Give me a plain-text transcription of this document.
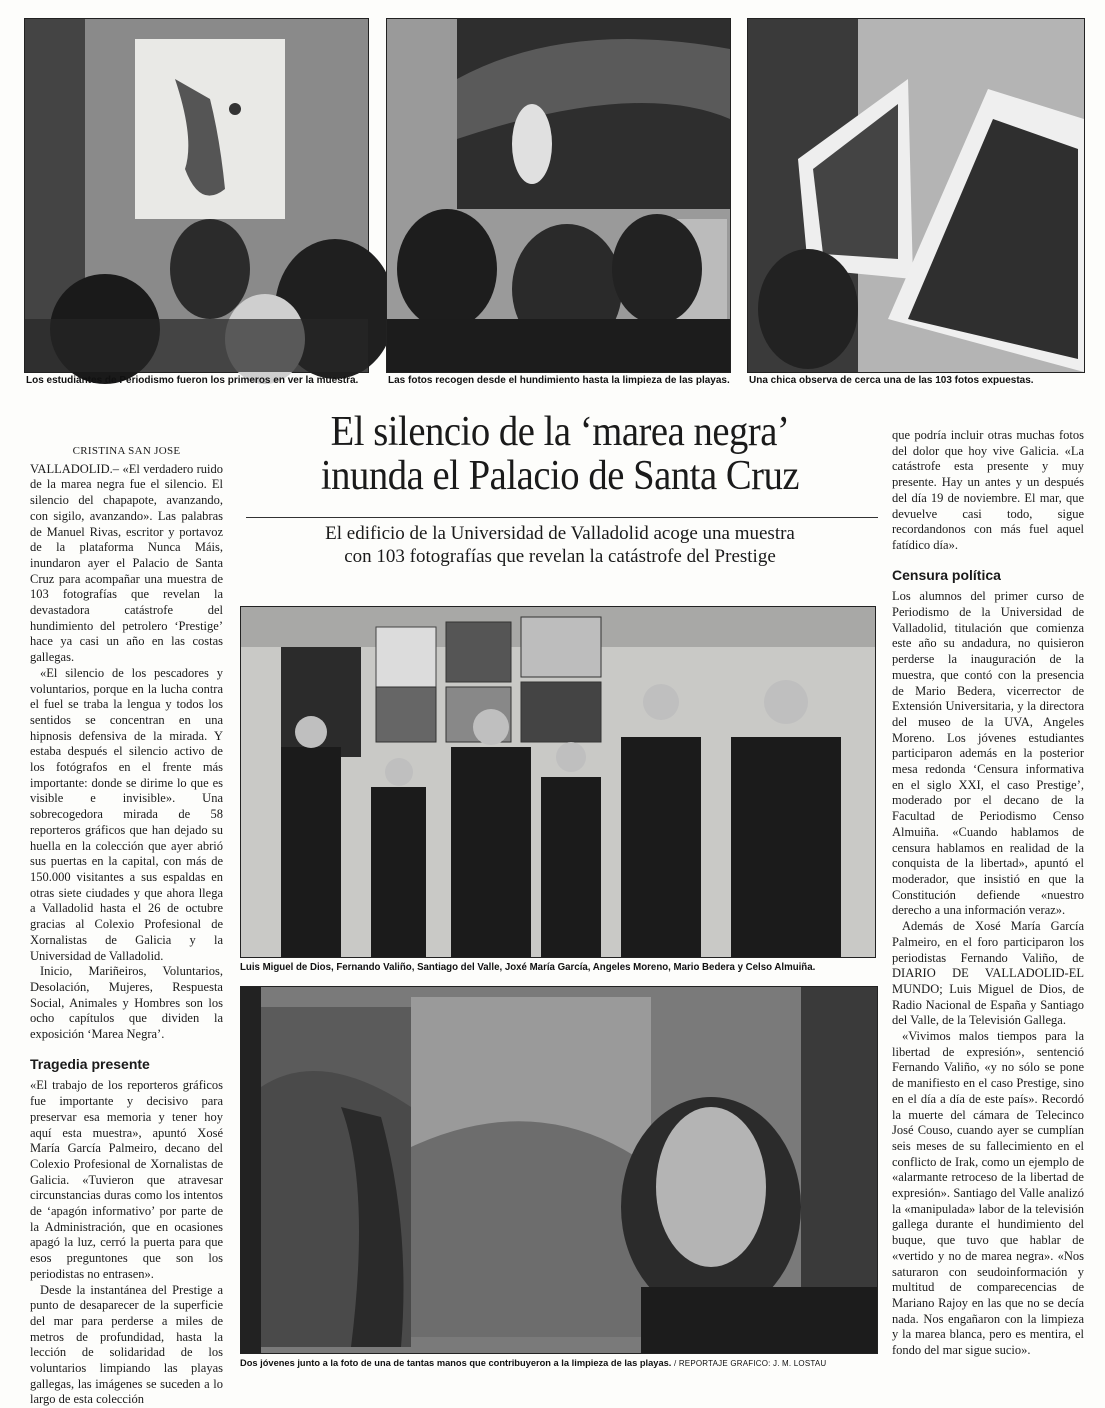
Los estudiantes de Periodismo fueron los primeros en ver la muestra.	Las fotos recogen desde el hundimiento hasta la limpieza de las playas.	Una chica observa de cerca una de las 103 fotos expuestas.
El silencio de la ‘marea negra’
inunda el Palacio de Santa Cruz
El edificio de la Universidad de Valladolid acoge una muestra
con 103 fotografías que revelan la catástrofe del Prestige
Luis Miguel de Dios, Fernando Valiño, Santiago del Valle, Joxé María García, Angeles Moreno, Mario Bedera y Celso Almuiña.
Dos jóvenes junto a la foto de una de tantas manos que contribuyeron a la limpieza de las playas. / REPORTAJE GRAFICO: J. M. LOSTAU
CRISTINA SAN JOSE

VALLADOLID.– «El verdadero ruido de la marea negra fue el silencio. El silencio del chapapote, avanzando, con sigilo, avanzando». Las palabras de Manuel Rivas, escritor y portavoz de la plataforma Nunca Máis, inundaron ayer el Palacio de Santa Cruz para acompañar una muestra de 103 fotografías que revelan la devastadora catástrofe del hundimiento del petrolero ‘Prestige’ hace ya casi un año en las costas gallegas.

«El silencio de los pescadores y voluntarios, porque en la lucha contra el fuel se traba la lengua y todos los sentidos se concentran en una hipnosis defensiva de la mirada. Y estaba después el silencio activo de los fotógrafos en el frente más importante: donde se dirime lo que es visible e invisible». Una sobrecogedora mirada de 58 reporteros gráficos que han dejado su huella en la colección que ayer abrió sus puertas en la capital, con más de 150.000 visitantes a sus espaldas en otras siete ciudades y que ahora llega a Valladolid hasta el 26 de octubre gracias al Colexio Profesional de Xornalistas de Galicia y la Universidad de Valladolid.

Inicio, Mariñeiros, Voluntarios, Desolación, Mujeres, Respuesta Social, Animales y Hombres son los ocho capítulos que dividen la exposición ‘Marea Negra’.

Tragedia presente

«El trabajo de los reporteros gráficos fue importante y decisivo para preservar esa memoria y tener hoy aquí esta muestra», apuntó Xosé María García Palmeiro, decano del Colexio Profesional de Xornalistas de Galicia. «Tuvieron que atravesar circunstancias duras como los intentos de ‘apagón informativo’ por parte de la Administración, que en ocasiones apagó la luz, cerró la puerta para que esos preguntones que son los periodistas no entrasen».

Desde la instantánea del Prestige a punto de desaparecer de la superficie del mar para perderse a miles de metros de profundidad, hasta la lección de solidaridad de los voluntarios limpiando las playas gallegas, las imágenes se suceden a lo largo de esta colección

que podría incluir otras muchas fotos del dolor que hoy vive Galicia. «La catástrofe esta presente y muy presente. Hay un antes y un después del día 19 de noviembre. El mar, que devuelve casi todo, sigue recordandonos con más fuel aquel fatídico día».

Censura política

Los alumnos del primer curso de Periodismo de la Universidad de Valladolid, titulación que comienza este año su andadura, no quisieron perderse la inauguración de la muestra, que contó con la presencia de Mario Bedera, vicerrector de Extensión Universitaria, y la directora del museo de la UVA, Angeles Moreno. Los jóvenes estudiantes participaron además en la posterior mesa redonda ‘Censura informativa en el siglo XXI, el caso Prestige’, moderado por el decano de la Facultad de Periodismo Censo Almuiña. «Cuando hablamos de censura hablamos en realidad de la conquista de la libertad», apuntó el moderador, que insistió en que la Constitución defiende «nuestro derecho a una información veraz».

Además de Xosé María García Palmeiro, en el foro participaron los periodistas Fernando Valiño, de DIARIO DE VALLADOLID-EL MUNDO; Luis Miguel de Dios, de Radio Nacional de España y Santiago del Valle, de la Televisión Gallega.

«Vivimos malos tiempos para la libertad de expresión», sentenció Fernando Valiño, «y no sólo se pone de manifiesto en el caso Prestige, sino en el día a día de este país». Recordó la muerte del cámara de Telecinco José Couso, cuando ayer se cumplían seis meses de su fallecimiento en el conflicto de Irak, como un ejemplo de «alarmante retroceso de la libertad de expresión». Santiago del Valle analizó la «manipulada» labor de la televisión gallega durante el hundimiento del buque, que tuvo que hablar de «vertido y no de marea negra». «Nos saturaron con seudoinformación y multitud de comparecencias de Mariano Rajoy en las que no se decía nada. Nos engañaron con la limpieza y la marea blanca, pero es mentira, el fondo del mar sigue sucio».
